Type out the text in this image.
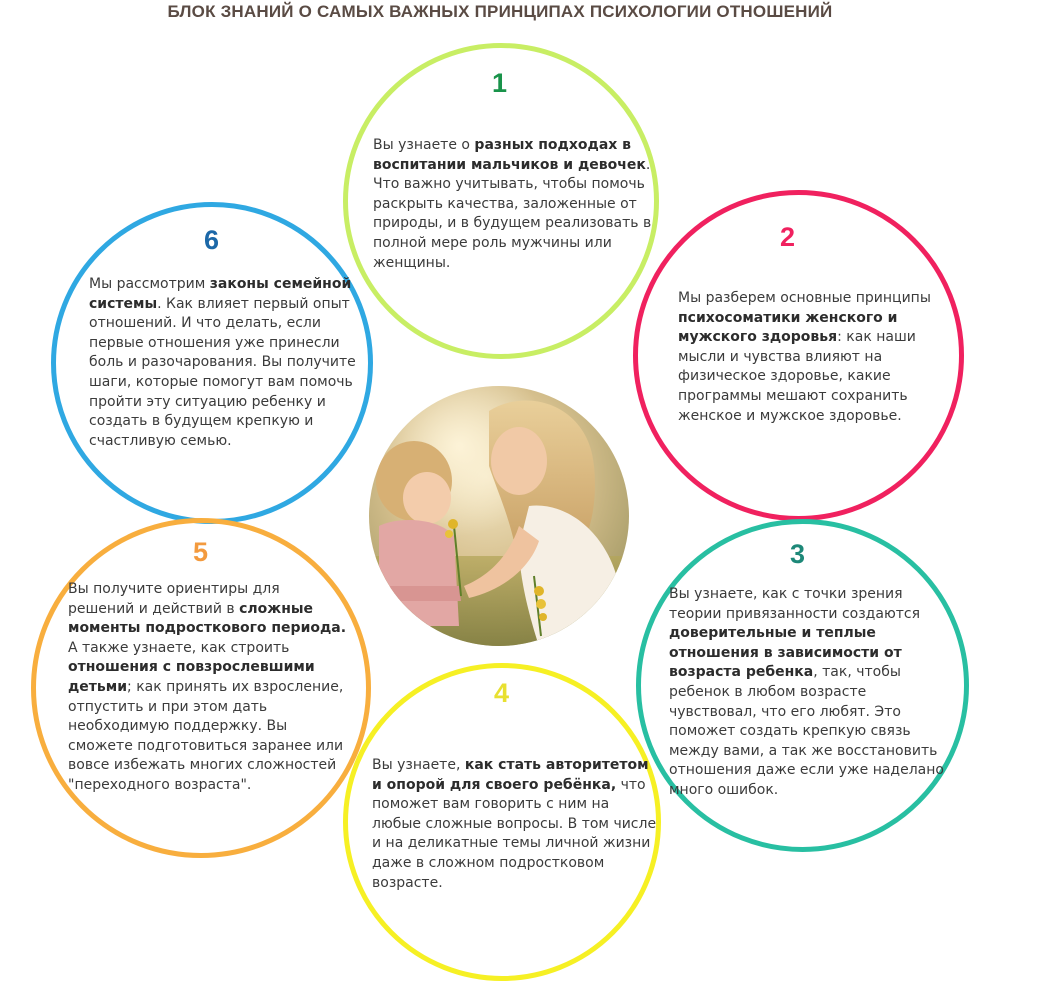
БЛОК ЗНАНИЙ О САМЫХ ВАЖНЫХ ПРИНЦИПАХ ПСИХОЛОГИИ ОТНОШЕНИЙ
1

Вы узнаете о разных подходах в воспитании мальчиков и девочек. Что важно учитывать, чтобы помочь раскрыть качества, заложенные от природы, и в будущем реализовать в полной мере роль мужчины или женщины.

6

Мы рассмотрим законы семейной системы. Как влияет первый опыт отношений. И что делать, если первые отношения уже принесли боль и разочарования. Вы получите шаги, которые помогут вам помочь пройти эту ситуацию ребенку и создать в будущем крепкую и счастливую семью.

2

Мы разберем основные принципы психосоматики женского и мужского здоровья: как наши мысли и чувства влияют на физическое здоровье, какие программы мешают сохранить женское и мужское здоровье.

5

Вы получите ориентиры для решений и действий в сложные моменты подросткового периода. А также узнаете, как строить отношения с повзрослевшими детьми; как принять их взросление, отпустить и при этом дать необходимую поддержку. Вы сможете подготовиться заранее или вовсе избежать многих сложностей "переходного возраста".

3

Вы узнаете, как с точки зрения теории привязанности создаются доверительные и теплые отношения в зависимости от возраста ребенка, так, чтобы ребенок в любом возрасте чувствовал, что его любят. Это поможет создать крепкую связь между вами, а так же восстановить отношения даже если уже наделано много ошибок.

4

Вы узнаете, как стать авторитетом и опорой для своего ребёнка, что поможет вам говорить с ним на любые сложные вопросы. В том числе и на деликатные темы личной жизни даже в сложном подростковом возрасте.
